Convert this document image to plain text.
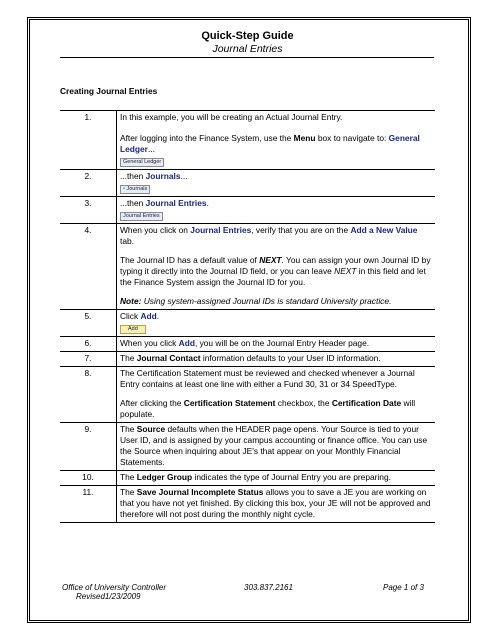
Quick-Step Guide
Journal Entries
Creating Journal Entries
1.	In this example, you will be creating an Actual Journal Entry.
After logging into the Finance System, use the Menu box to navigate to: General Ledger...
General Ledger
2.	...then Journals...
▫ Journals
3.	...then Journal Entries.
Journal Entries
4.	When you click on Journal Entries, verify that you are on the Add a New Value tab.
The Journal ID has a default value of NEXT. You can assign your own Journal ID by typing it directly into the Journal ID field, or you can leave NEXT in this field and let the Finance System assign the Journal ID for you.
Note: Using system-assigned Journal IDs is standard University practice.

5.	Click Add.
Add
6.	When you click Add, you will be on the Journal Entry Header page.
7.	The Journal Contact information defaults to your User ID information.
8.	The Certification Statement must be reviewed and checked whenever a Journal Entry contains at least one line with either a Fund 30, 31 or 34 SpeedType.
After clicking the Certification Statement checkbox, the Certification Date will populate.

9.	The Source defaults when the HEADER page opens. Your Source is tied to your User ID, and is assigned by your campus accounting or finance office. You can use the Source when inquiring about JE's that appear on your Monthly Financial Statements.
10.	The Ledger Group indicates the type of Journal Entry you are preparing.
11.	The Save Journal Incomplete Status allows you to save a JE you are working on that you have not yet finished. By clicking this box, your JE will not be approved and therefore will not post during the monthly night cycle.
Office of University Controller
Revised1/23/2009
303.837.2161	Page 1 of 3
